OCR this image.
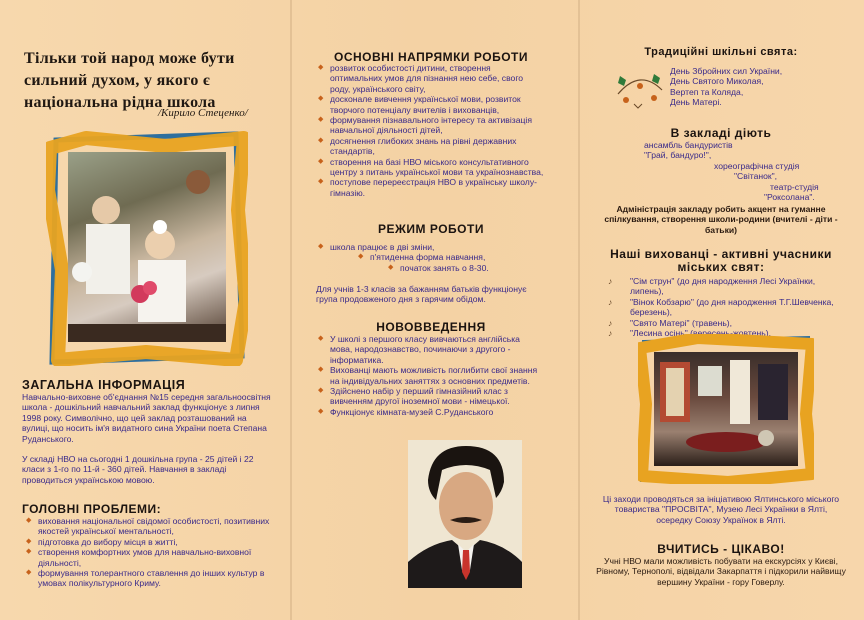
Тільки той народ може бути сильний духом, у якого є національна рідна школа
/Кирило Стеценко/
ЗАГАЛЬНА ІНФОРМАЦІЯ
Навчально-виховне об'єднання №15 середня загальноосвітня школа - дошкільний навчальний заклад функціонує з липня 1998 року. Символічно, що цей заклад розташований на вулиці, що носить ім'я видатного сина України поета Степана Руданського.
У складі НВО на сьогодні 1 дошкільна група - 25 дітей і 22 класи з 1-го по 11-й - 360 дітей. Навчання в закладі проводиться українською мовою.
ГОЛОВНІ ПРОБЛЕМИ:
◆ виховання національної свідомої особистості, позитивних якостей української ментальності,
◆ підготовка до вибору місця в житті,
◆ створення комфортних умов для навчально-виховної діяльності,
◆ формування толерантного ставлення до інших культур в умовах полікультурного Криму.
ОСНОВНІ НАПРЯМКИ РОБОТИ
◆ розвиток особистості дитини, створення оптимальних умов для пізнання нею себе, свого роду, українського світу,
◆ досконале вивчення української мови, розвиток творчого потенціалу вчителів і вихованців,
◆ формування пізнавального інтересу та активізація навчальної діяльності дітей,
◆ досягнення глибоких знань на рівні державних стандартів,
◆ створення на базі НВО міського консультативного центру з питань української мови та українознавства,
◆ поступове перереєстрація НВО в українську школу-гімназію.
РЕЖИМ РОБОТИ
◆ школа працює в дві зміни,
◆ п'ятиденна форма навчання,
◆ початок занять о 8-30.
Для учнів 1-3 класів за бажанням батьків функціонує група продовженого дня з гарячим обідом.
НОВОВВЕДЕННЯ
◆ У школі з першого класу вивчаються англійська мова, народознавство, починаючи з другого - інформатика.
◆ Вихованці мають можливість поглибити свої знання на індивідуальних заняттях з основних предметів.
◆ Здійснено набір у перший гімназійний клас з вивченням другої іноземної мови - німецької.
◆ Функціонує кімната-музей С.Руданського
Традиційні шкільні свята:
День Збройних сил України,
День Святого Миколая,
Вертеп та Коляда,
День Матері.
В закладі діють
ансамбль бандуристів
"Грай, бандуро!",
хореографічна студія
"Світанок",
театр-студія
"Роксолана".
Адміністрація закладу робить акцент на гуманне спілкування, створення школи-родини (вчителі - діти - батьки)
Наші вихованці - активні учасники міських свят:
♪ "Сім струн" (до дня народження Лесі Українки, липень),
♪ "Вінок Кобзарю" (до дня народження Т.Г.Шевченка, березень),
♪ "Свято Матері" (травень),
♪ "Лесина осінь" (вересень-жовтень).
Ці заходи проводяться за ініціативою Ялтинського міського товариства "ПРОСВІТА", Музею Лесі Українки в Ялті, осередку Союзу Українок в Ялті.
ВЧИТИСЬ - ЦІКАВО!
Учні НВО мали можливість побувати на екскурсіях у Києві, Рівному, Тернополі, відвідали Закарпаття і підкорили найвищу вершину України - гору Говерлу.
